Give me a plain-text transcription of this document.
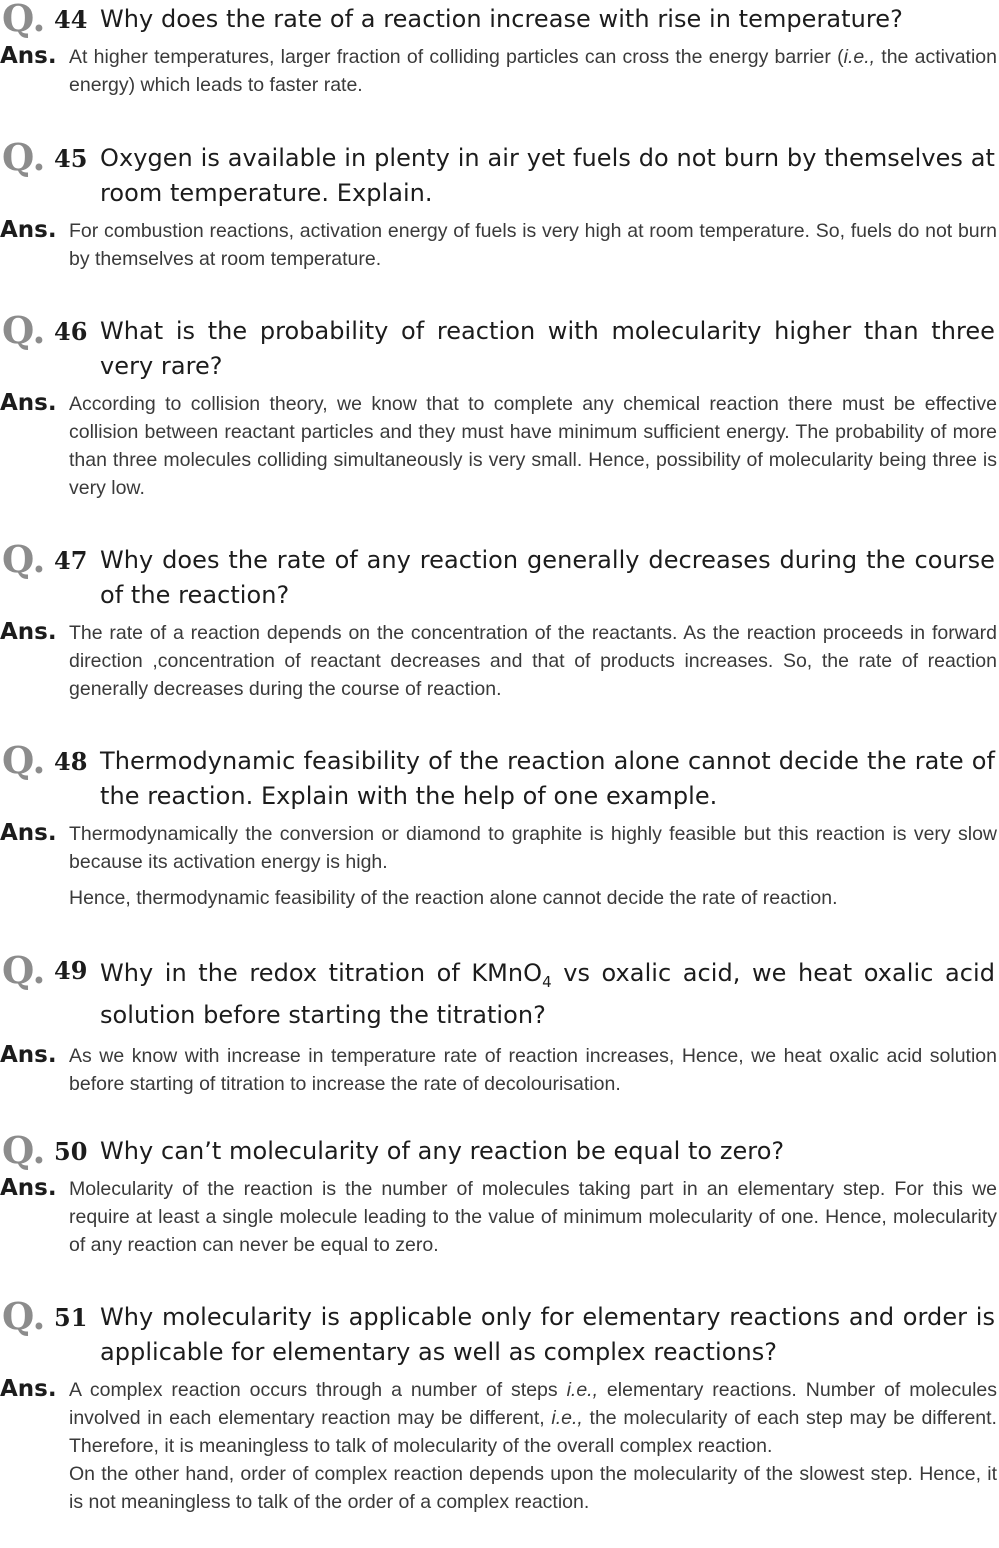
Q. 44 Why does the rate of a reaction increase with rise in temperature?
Ans. At higher temperatures, larger fraction of colliding particles can cross the energy barrier (i.e., the activation energy) which leads to faster rate.

Q. 45 Oxygen is available in plenty in air yet fuels do not burn by themselves at room temperature. Explain.
Ans. For combustion reactions, activation energy of fuels is very high at room temperature. So, fuels do not burn by themselves at room temperature.

Q. 46 What is the probability of reaction with molecularity higher than three very rare?
Ans. According to collision theory, we know that to complete any chemical reaction there must be effective collision between reactant particles and they must have minimum sufficient energy. The probability of more than three molecules colliding simultaneously is very small. Hence, possibility of molecularity being three is very low.

Q. 47 Why does the rate of any reaction generally decreases during the course of the reaction?
Ans. The rate of a reaction depends on the concentration of the reactants. As the reaction proceeds in forward direction ,concentration of reactant decreases and that of products increases. So, the rate of reaction generally decreases during the course of reaction.

Q. 48 Thermodynamic feasibility of the reaction alone cannot decide the rate of the reaction. Explain with the help of one example.
Ans. Thermodynamically the conversion or diamond to graphite is highly feasible but this reaction is very slow because its activation energy is high.

Hence, thermodynamic feasibility of the reaction alone cannot decide the rate of reaction.

Q. 49 Why in the redox titration of KMnO$_4$ vs oxalic acid, we heat oxalic acid solution before starting the titration?
Ans. As we know with increase in temperature rate of reaction increases, Hence, we heat oxalic acid solution before starting of titration to increase the rate of decolourisation.

Q. 50 Why can’t molecularity of any reaction be equal to zero?
Ans. Molecularity of the reaction is the number of molecules taking part in an elementary step. For this we require at least a single molecule leading to the value of minimum molecularity of one. Hence, molecularity of any reaction can never be equal to zero.

Q. 51 Why molecularity is applicable only for elementary reactions and order is applicable for elementary as well as complex reactions?
Ans. A complex reaction occurs through a number of steps i.e., elementary reactions. Number of molecules involved in each elementary reaction may be different, i.e., the molecularity of each step may be different. Therefore, it is meaningless to talk of molecularity of the overall complex reaction.

On the other hand, order of complex reaction depends upon the molecularity of the slowest step. Hence, it is not meaningless to talk of the order of a complex reaction.
